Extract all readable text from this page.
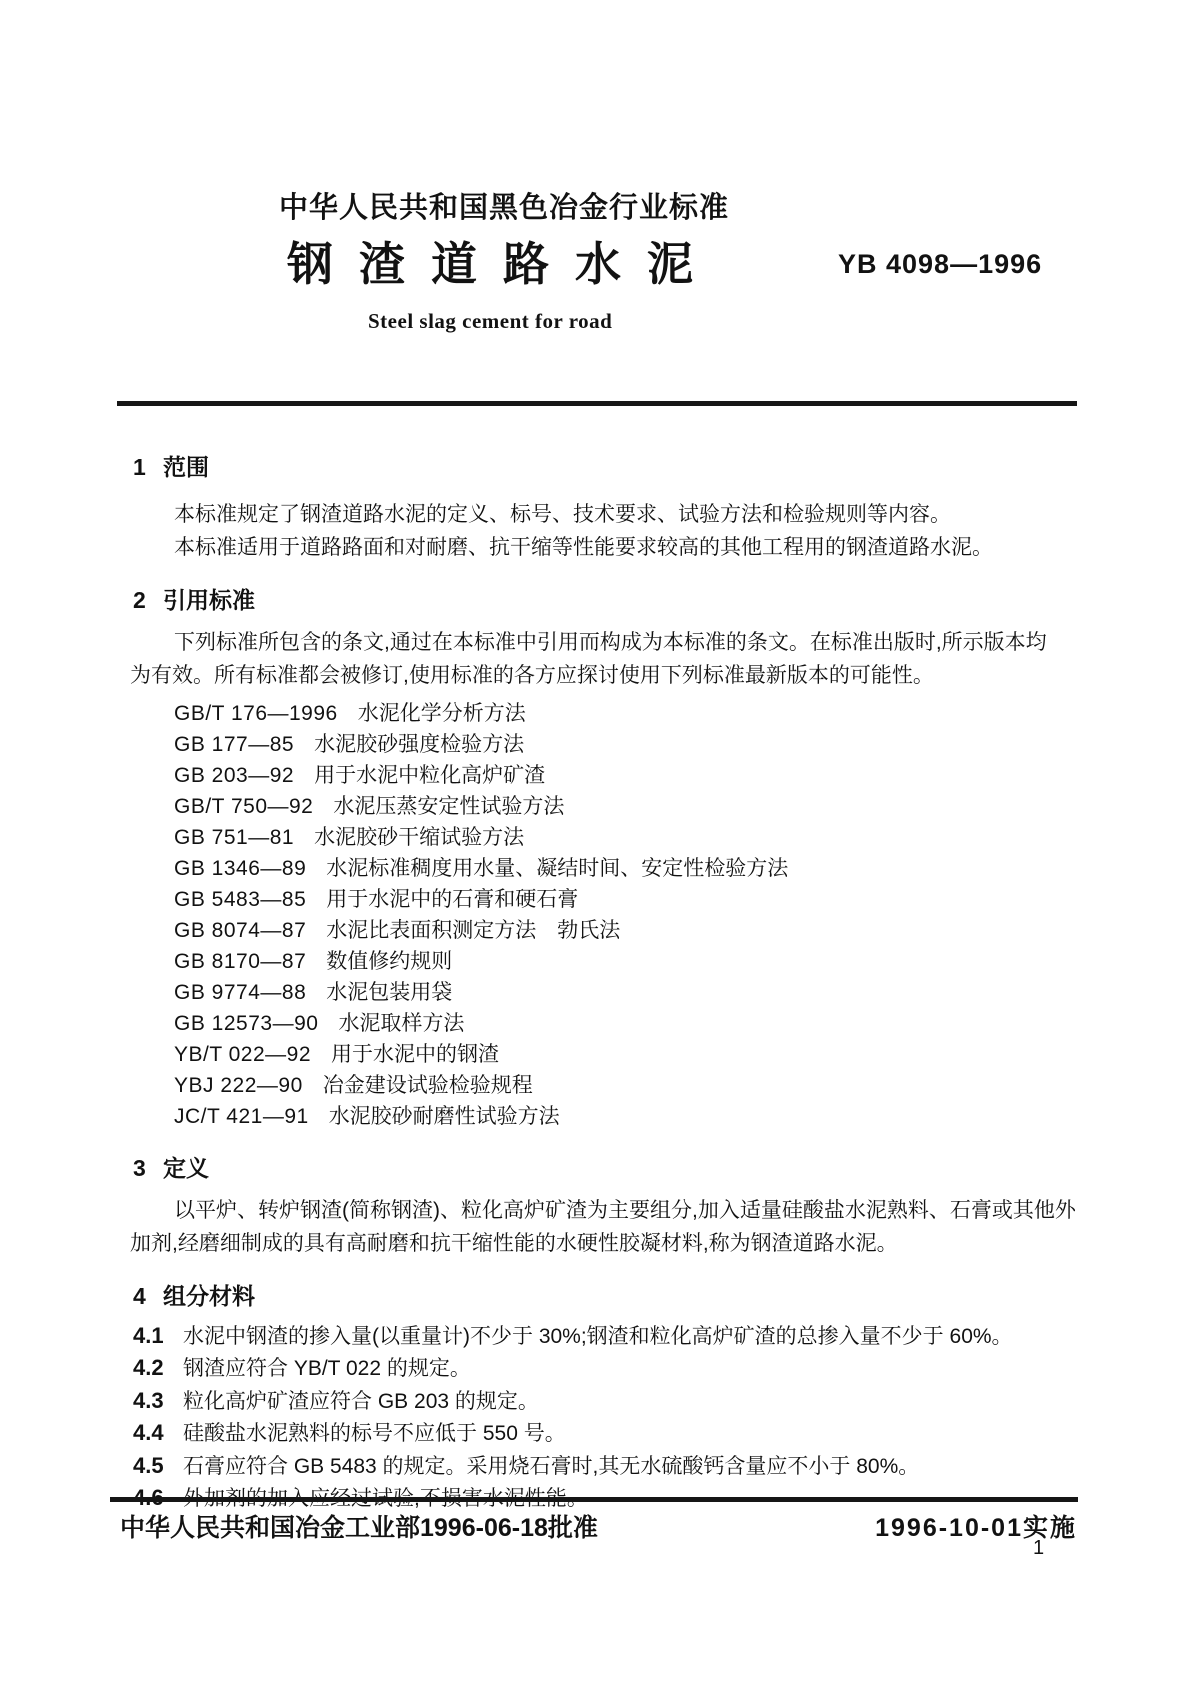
中华人民共和国黑色冶金行业标准
钢渣道路水泥	YB 4098—1996
Steel slag cement for road
1 范围
本标准规定了钢渣道路水泥的定义、标号、技术要求、试验方法和检验规则等内容。
本标准适用于道路路面和对耐磨、抗干缩等性能要求较高的其他工程用的钢渣道路水泥。
2 引用标准
下列标准所包含的条文,通过在本标准中引用而构成为本标准的条文。在标准出版时,所示版本均
为有效。所有标准都会被修订,使用标准的各方应探讨使用下列标准最新版本的可能性。
GB/T 176—1996 水泥化学分析方法
GB 177—85 水泥胶砂强度检验方法
GB 203—92 用于水泥中粒化高炉矿渣
GB/T 750—92 水泥压蒸安定性试验方法
GB 751—81 水泥胶砂干缩试验方法
GB 1346—89 水泥标准稠度用水量、凝结时间、安定性检验方法
GB 5483—85 用于水泥中的石膏和硬石膏
GB 8074—87 水泥比表面积测定方法　勃氏法
GB 8170—87 数值修约规则
GB 9774—88 水泥包装用袋
GB 12573—90 水泥取样方法
YB/T 022—92 用于水泥中的钢渣
YBJ 222—90 冶金建设试验检验规程
JC/T 421—91 水泥胶砂耐磨性试验方法
3 定义
以平炉、转炉钢渣(简称钢渣)、粒化高炉矿渣为主要组分,加入适量硅酸盐水泥熟料、石膏或其他外
加剂,经磨细制成的具有高耐磨和抗干缩性能的水硬性胶凝材料,称为钢渣道路水泥。
4 组分材料
4.1 水泥中钢渣的掺入量(以重量计)不少于 30%;钢渣和粒化高炉矿渣的总掺入量不少于 60%。
4.2 钢渣应符合 YB/T 022 的规定。
4.3 粒化高炉矿渣应符合 GB 203 的规定。
4.4 硅酸盐水泥熟料的标号不应低于 550 号。
4.5 石膏应符合 GB 5483 的规定。采用烧石膏时,其无水硫酸钙含量应不小于 80%。
中华人民共和国冶金工业部1996-06-18批准	1996-10-01实施
1
